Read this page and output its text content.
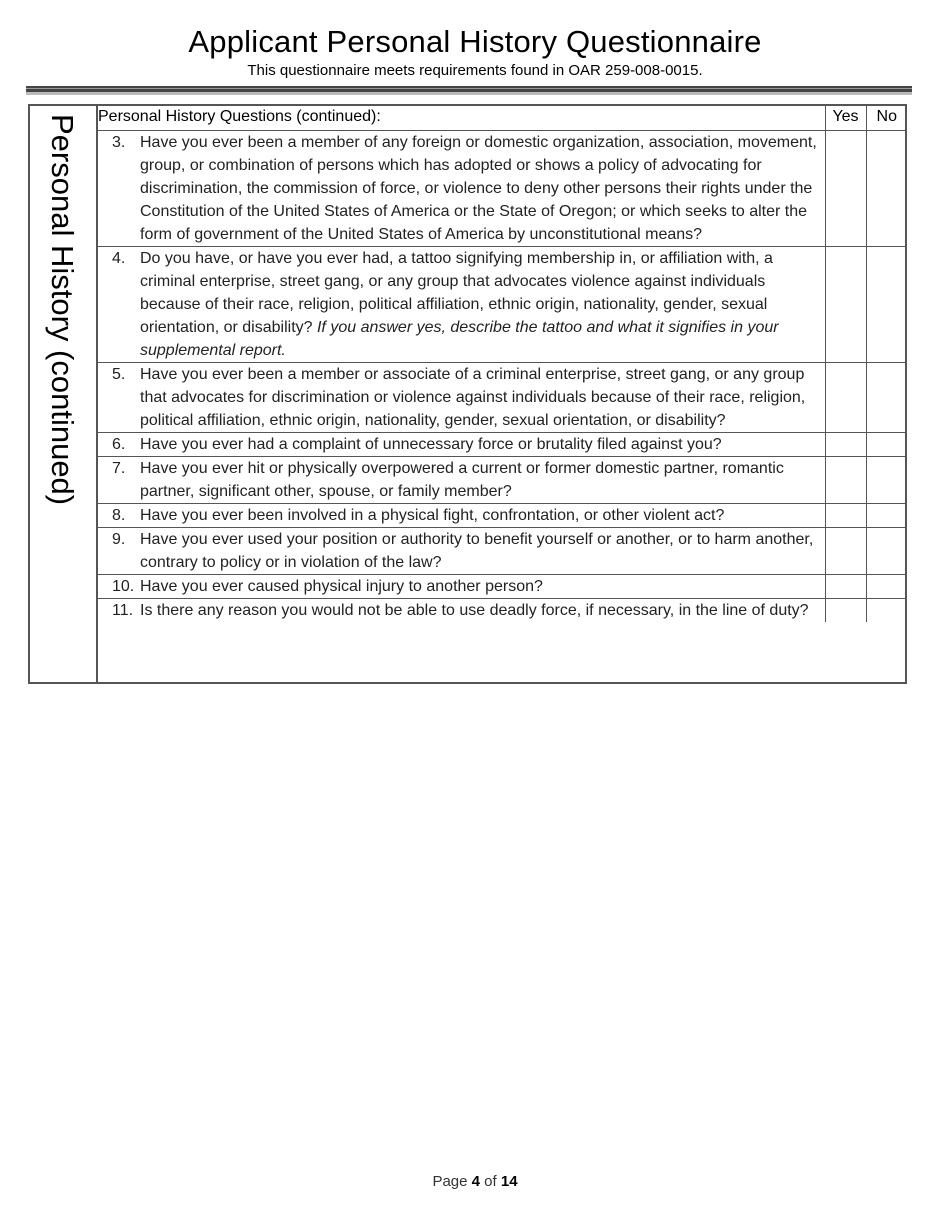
Applicant Personal History Questionnaire
This questionnaire meets requirements found in OAR 259-008-0015.
Personal History (continued) Personal History Questions (continued):	Yes	No

3. Have you ever been a member of any foreign or domestic organization, association, movement, group, or combination of persons which has adopted or shows a policy of advocating for discrimination, the commission of force, or violence to deny other persons their rights under the Constitution of the United States of America or the State of Oregon; or which seeks to alter the form of government of the United States of America by unconstitutional means?		

4. Do you have, or have you ever had, a tattoo signifying membership in, or affiliation with, a criminal enterprise, street gang, or any group that advocates violence against individuals because of their race, religion, political affiliation, ethnic origin, nationality, gender, sexual orientation, or disability? If you answer yes, describe the tattoo and what it signifies in your supplemental report.		

5. Have you ever been a member or associate of a criminal enterprise, street gang, or any group that advocates for discrimination or violence against individuals because of their race, religion, political affiliation, ethnic origin, nationality, gender, sexual orientation, or disability?		

6. Have you ever had a complaint of unnecessary force or brutality filed against you?		

7. Have you ever hit or physically overpowered a current or former domestic partner, romantic partner, significant other, spouse, or family member?		

8. Have you ever been involved in a physical fight, confrontation, or other violent act?		

9. Have you ever used your position or authority to benefit yourself or another, or to harm another, contrary to policy or in violation of the law?		

10. Have you ever caused physical injury to another person?		

11. Is there any reason you would not be able to use deadly force, if necessary, in the line of duty?		

Page 4 of 14
